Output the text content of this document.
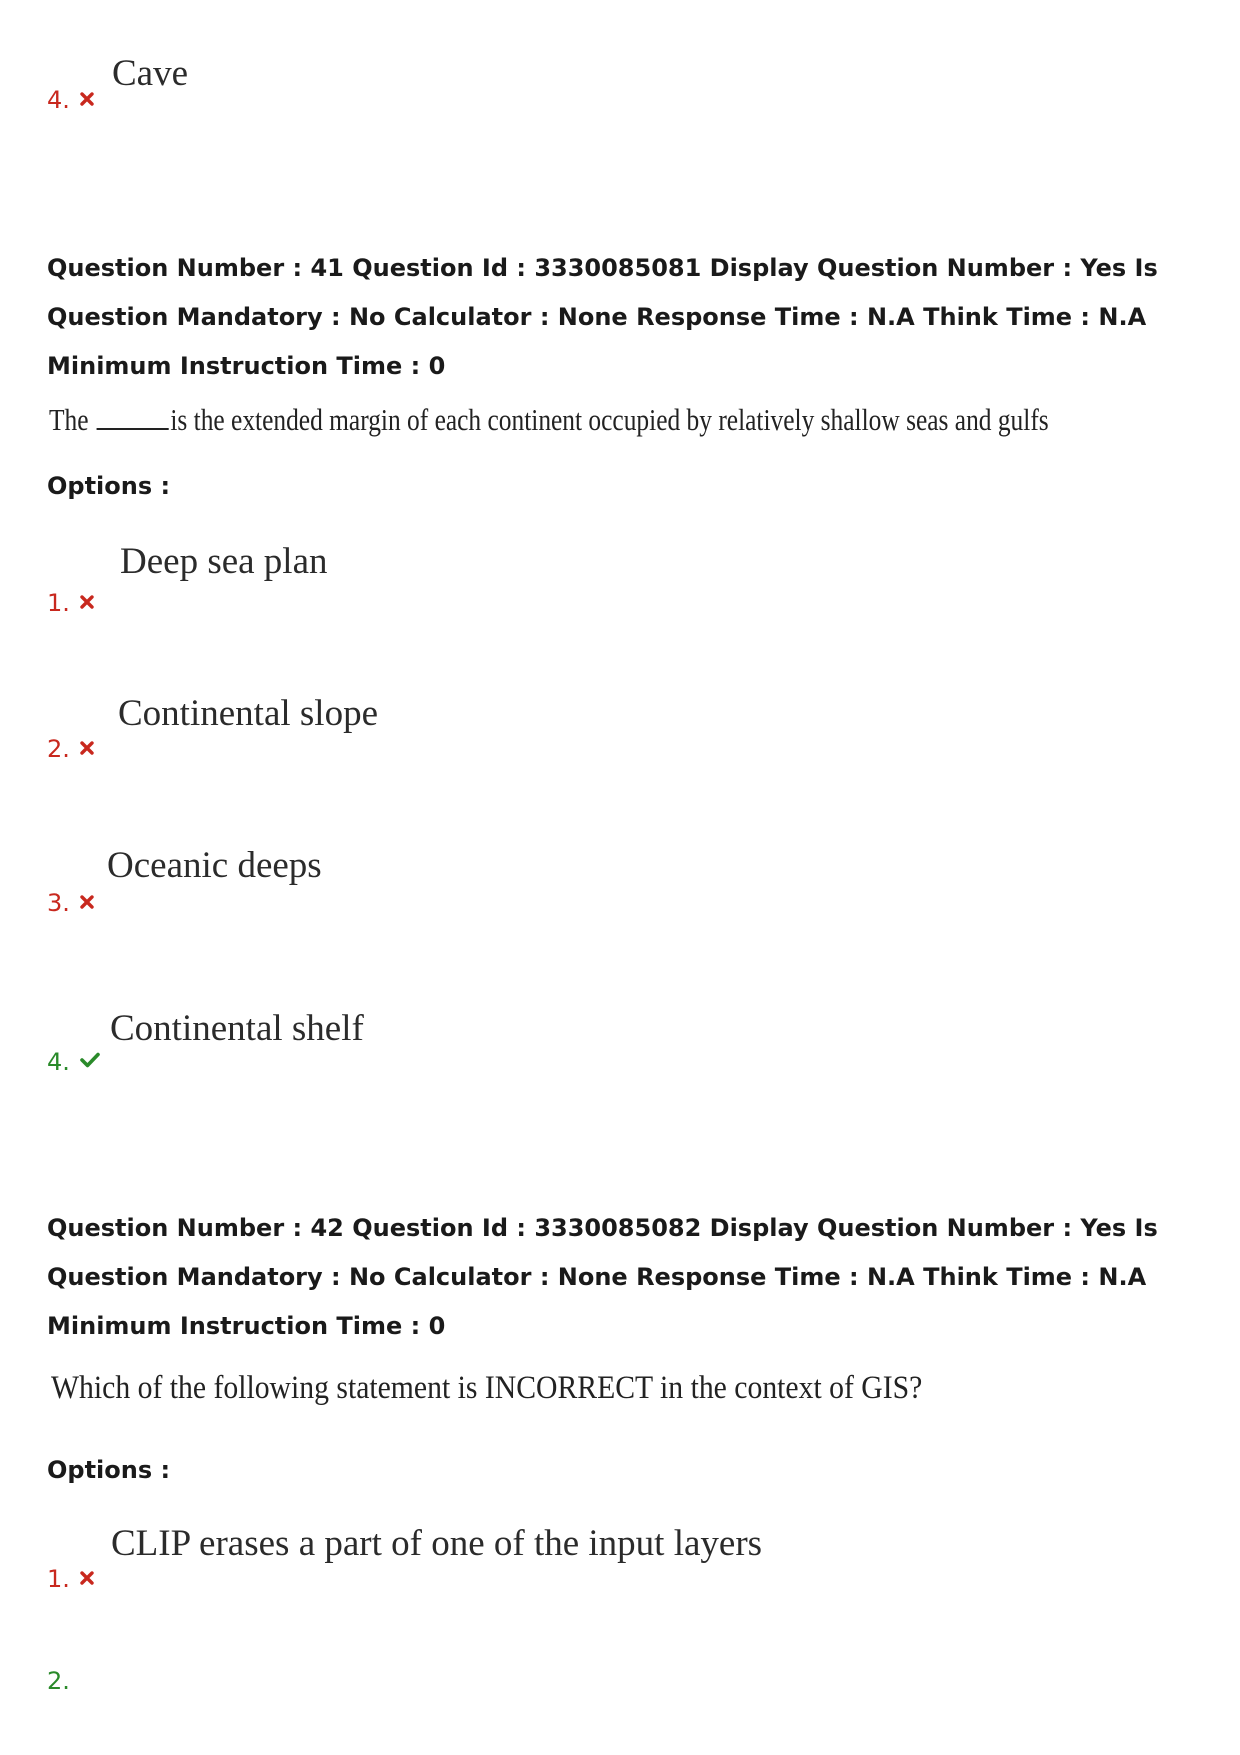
4.
Cave
Question Number : 41 Question Id : 3330085081 Display Question Number : Yes Is Question Mandatory : No Calculator : None Response Time : N.A Think Time : N.A Minimum Instruction Time : 0
The	is the extended margin of each continent occupied by relatively shallow seas and gulfs
Options :
1.
Deep sea plan
2.
Continental slope
3.
Oceanic deeps
4.
Continental shelf
Question Number : 42 Question Id : 3330085082 Display Question Number : Yes Is Question Mandatory : No Calculator : None Response Time : N.A Think Time : N.A Minimum Instruction Time : 0
Which of the following statement is INCORRECT in the context of GIS?
Options :
1.
CLIP erases a part of one of the input layers
2.
